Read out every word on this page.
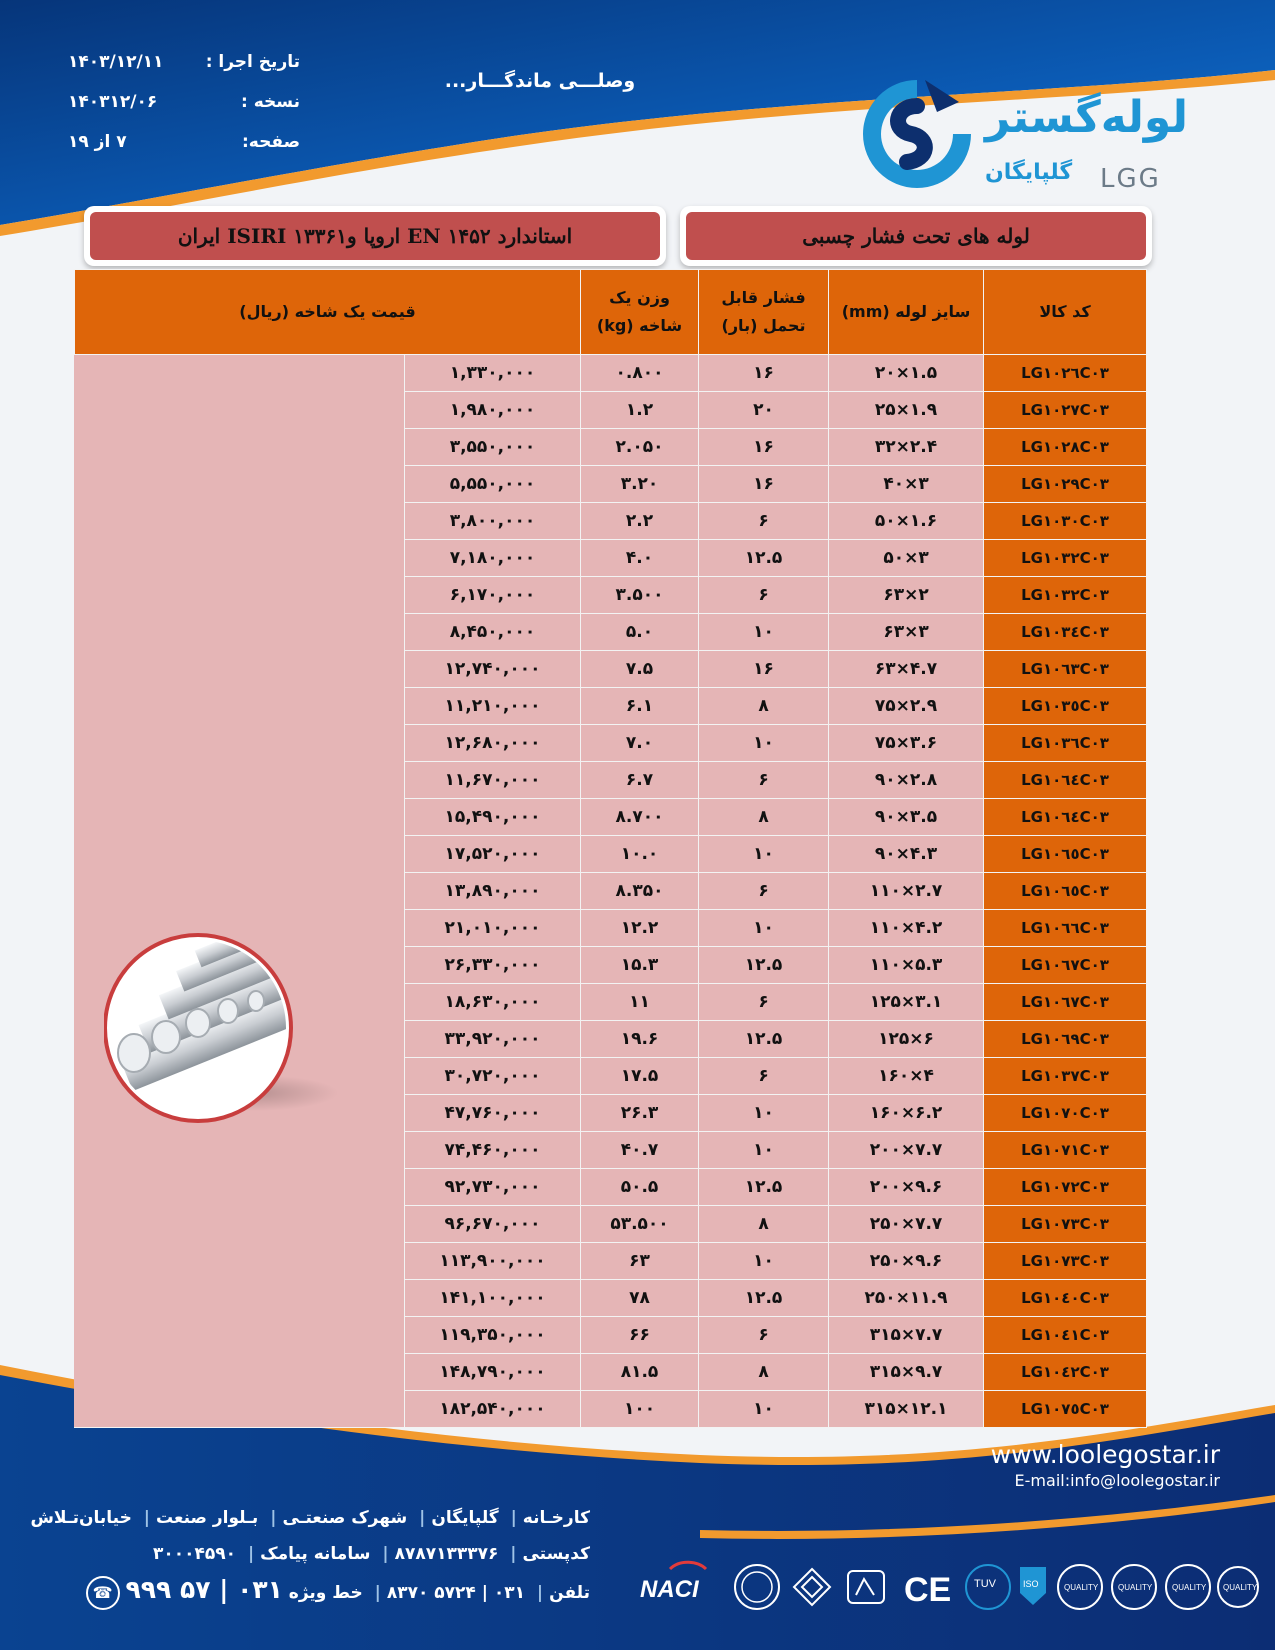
تاریخ اجرا :
۱۴۰۳/۱۲/۱۱
نسخه :
۱۴۰۳۱۲/۰۶
صفحه:
۷ از ۱۹
وصلـــی ماندگـــار...
لوله‌گستر
گلپایگان LGG
لوله های تحت فشار چسبی
استاندارد EN ۱۴۵۲ اروپا و۱۳۳۶۱ ISIRI ایران
قیمت یک شاخه (ریال)		وزن یک شاخه (kg)	فشار قابل تحمل (بار)	سایز لوله (mm)	کد کالا
	۱,۳۳۰,۰۰۰	۰.۸۰۰	۱۶	۲۰×۱.۵	LG۱۰۲٦C۰۳
	۱,۹۸۰,۰۰۰	۱.۲	۲۰	۲۵×۱.۹	LG۱۰۲٧C۰۳
	۳,۵۵۰,۰۰۰	۲.۰۵۰	۱۶	۳۲×۲.۴	LG۱۰۲٨C۰۳
	۵,۵۵۰,۰۰۰	۳.۲۰	۱۶	۴۰×۳	LG۱۰۲٩C۰۳
	۳,۸۰۰,۰۰۰	۲.۲	۶	۵۰×۱.۶	LG۱۰۳۰C۰۳
	۷,۱۸۰,۰۰۰	۴.۰	۱۲.۵	۵۰×۳	LG۱۰۳۲C۰۳
	۶,۱۷۰,۰۰۰	۳.۵۰۰	۶	۶۳×۲	LG۱۰۳۲C۰۳
	۸,۴۵۰,۰۰۰	۵.۰	۱۰	۶۳×۳	LG۱۰۳٤C۰۳
	۱۲,۷۴۰,۰۰۰	۷.۵	۱۶	۶۳×۴.۷	LG۱۰٦۳C۰۳
	۱۱,۲۱۰,۰۰۰	۶.۱	۸	۷۵×۲.۹	LG۱۰۳٥C۰۳
	۱۲,۶۸۰,۰۰۰	۷.۰	۱۰	۷۵×۳.۶	LG۱۰۳٦C۰۳
	۱۱,۶۷۰,۰۰۰	۶.۷	۶	۹۰×۲.۸	LG۱۰٦٤C۰۳
	۱۵,۴۹۰,۰۰۰	۸.۷۰۰	۸	۹۰×۳.۵	LG۱۰٦٤C۰۳
	۱۷,۵۲۰,۰۰۰	۱۰.۰	۱۰	۹۰×۴.۳	LG۱۰٦٥C۰۳
	۱۳,۸۹۰,۰۰۰	۸.۳۵۰	۶	۱۱۰×۲.۷	LG۱۰٦٥C۰۳
	۲۱,۰۱۰,۰۰۰	۱۲.۲	۱۰	۱۱۰×۴.۲	LG۱۰٦٦C۰۳
	۲۶,۳۳۰,۰۰۰	۱۵.۳	۱۲.۵	۱۱۰×۵.۳	LG۱۰٦٧C۰۳
	۱۸,۶۳۰,۰۰۰	۱۱	۶	۱۲۵×۳.۱	LG۱۰٦٧C۰۳
	۳۳,۹۲۰,۰۰۰	۱۹.۶	۱۲.۵	۱۲۵×۶	LG۱۰٦٩C۰۳
	۳۰,۷۲۰,۰۰۰	۱۷.۵	۶	۱۶۰×۴	LG۱۰۳٧C۰۳
	۴۷,۷۶۰,۰۰۰	۲۶.۳	۱۰	۱۶۰×۶.۲	LG۱۰٧۰C۰۳
	۷۴,۴۶۰,۰۰۰	۴۰.۷	۱۰	۲۰۰×۷.۷	LG۱۰٧۱C۰۳
	۹۲,۷۳۰,۰۰۰	۵۰.۵	۱۲.۵	۲۰۰×۹.۶	LG۱۰٧۲C۰۳
	۹۶,۶۷۰,۰۰۰	۵۳.۵۰۰	۸	۲۵۰×۷.۷	LG۱۰٧۳C۰۳
	۱۱۳,۹۰۰,۰۰۰	۶۳	۱۰	۲۵۰×۹.۶	LG۱۰٧۳C۰۳
	۱۴۱,۱۰۰,۰۰۰	۷۸	۱۲.۵	۲۵۰×۱۱.۹	LG۱۰٤۰C۰۳
	۱۱۹,۳۵۰,۰۰۰	۶۶	۶	۳۱۵×۷.۷	LG۱۰٤۱C۰۳
	۱۴۸,۷۹۰,۰۰۰	۸۱.۵	۸	۳۱۵×۹.۷	LG۱۰٤۲C۰۳
	۱۸۲,۵۴۰,۰۰۰	۱۰۰	۱۰	۳۱۵×۱۲.۱	LG۱۰٧٥C۰۳
www.loolegostar.ir
E-mail:info@loolegostar.ir
کارخـانه| گلپایگان| شهرک صنعتـی| بـلوار صنعت| خیابان‌تـلاش
کدپستی| ۸۷۸۷۱۳۳۳۷۶| سامانه پیامک| ۳۰۰۰۴۵۹۰
تلفن| ۰۳۱ | ۵۷۲۴ ۸۳۷۰| خط ویژه ۰۳۱ | ۵۷ ۹۹۹ ☎	NACI	CE TUV	ISO	QUALITY QUALITY QUALITY QUALITY
